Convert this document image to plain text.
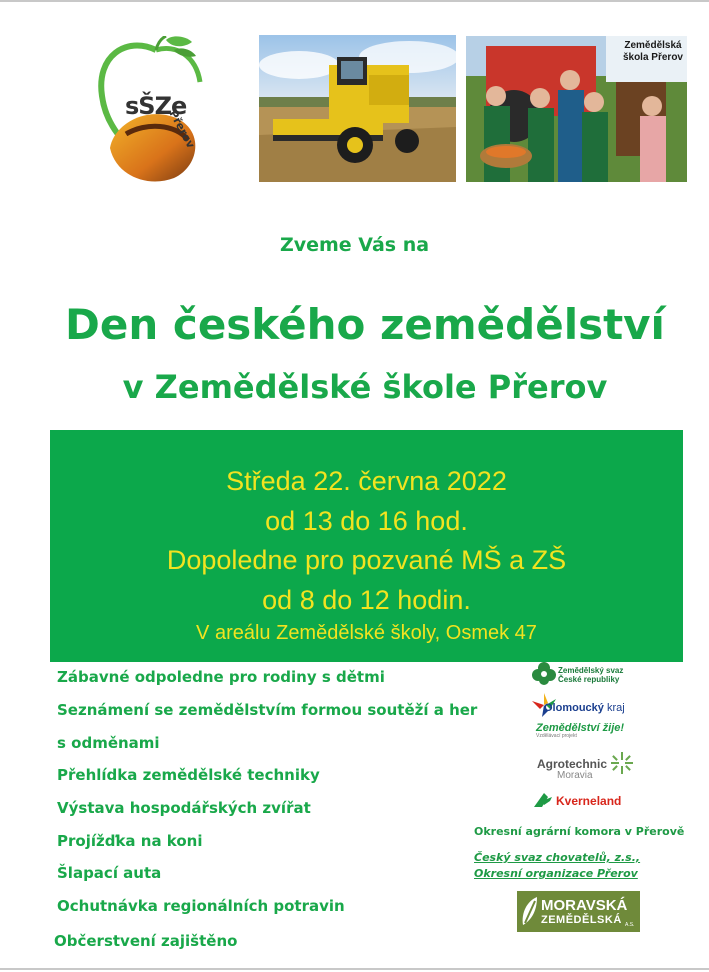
sŠZe
Přerov
Zemědělská
škola Přerov
Zveme Vás na
Den českého zemědělství
v Zemědělské škole Přerov
Středa 22. června 2022
od 13 do 16 hod.
Dopoledne pro pozvané MŠ a ZŠ
od 8 do 12 hodin.
V areálu Zemědělské školy, Osmek 47
Zábavné odpoledne pro rodiny s dětmi
Seznámení se zemědělstvím formou soutěží a her
s odměnami
Přehlídka zemědělské techniky
Výstava hospodářských zvířat
Projížďka na koni
Šlapací auta
Ochutnávka regionálních potravin
Občerstvení zajištěno
Zemědělský svaz
České republiky
Olomoucký kraj
Zemědělství žije!
Vzdělávací projekt
Agrotechnic
Moravia
Kverneland
Okresní agrární komora v Přerově
Český svaz chovatelů, z.s.,
Okresní organizace Přerov
MORAVSKÁ
ZEMĚDĚLSKÁ A.S.
